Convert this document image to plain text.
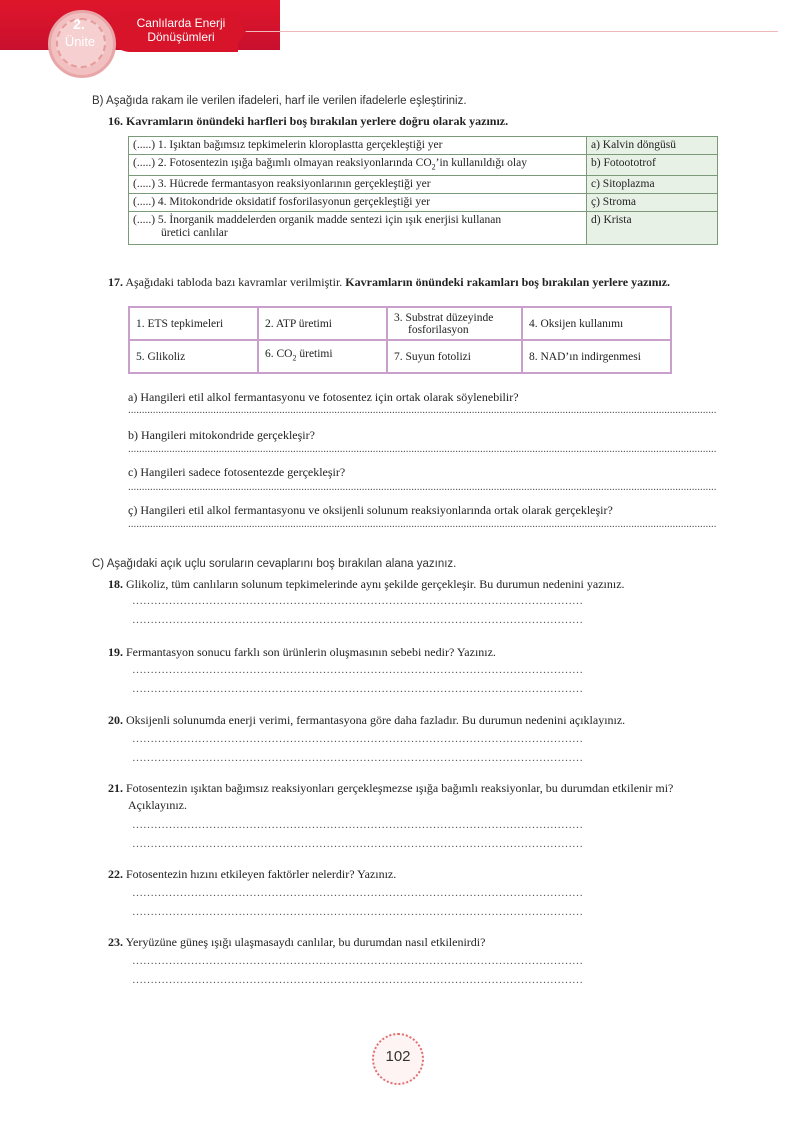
2.
Ünite
Canlılarda Enerji
Dönüşümleri
B) Aşağıda rakam ile verilen ifadeleri, harf ile verilen ifadelerle eşleştiriniz.
16. Kavramların önündeki harfleri boş bırakılan yerlere doğru olarak yazınız.
(.....) 1. Işıktan bağımsız tepkimelerin kloroplastta gerçekleştiği yer	a) Kalvin döngüsü
(.....) 2. Fotosentezin ışığa bağımlı olmayan reaksiyonlarında $CO_2’in$ kullanıldığı olay	b) Fotoototrof
(.....) 3. Hücrede fermantasyon reaksiyonlarının gerçekleştiği yer	c) Sitoplazma
(.....) 4. Mitokondride oksidatif fosforilasyonun gerçekleştiği yer	ç) Stroma
(.....) 5. İnorganik maddelerden organik madde sentezi için ışık enerjisi kullanan
üretici canlılar	d) Krista
17. Aşağıdaki tabloda bazı kavramlar verilmiştir. Kavramların önündeki rakamları boş bırakılan yerlere yazınız.
1. ETS tepkimeleri	2. ATP üretimi	3. Substrat düzeyinde
fosforilasyon	4. Oksijen kullanımı
5. Glikoliz	6. $CO_2$ üretimi	7. Suyun fotolizi	8. NAD’ın indirgenmesi
a) Hangileri etil alkol fermantasyonu ve fotosentez için ortak olarak söylenebilir?
......................................................................................................................................................................................................................
b) Hangileri mitokondride gerçekleşir?
......................................................................................................................................................................................................................
c) Hangileri sadece fotosentezde gerçekleşir?
......................................................................................................................................................................................................................
ç) Hangileri etil alkol fermantasyonu ve oksijenli solunum reaksiyonlarında ortak olarak gerçekleşir?
......................................................................................................................................................................................................................
C) Aşağıdaki açık uçlu soruların cevaplarını boş bırakılan alana yazınız.
18. Glikoliz, tüm canlıların solunum tepkimelerinde aynı şekilde gerçekleşir. Bu durumun nedenini yazınız.
……………………………………………………………………………………………………………
……………………………………………………………………………………………………………
19. Fermantasyon sonucu farklı son ürünlerin oluşmasının sebebi nedir? Yazınız.
……………………………………………………………………………………………………………
……………………………………………………………………………………………………………
20. Oksijenli solunumda enerji verimi, fermantasyona göre daha fazladır. Bu durumun nedenini açıklayınız.
……………………………………………………………………………………………………………
……………………………………………………………………………………………………………
21. Fotosentezin ışıktan bağımsız reaksiyonları gerçekleşmezse ışığa bağımlı reaksiyonlar, bu durumdan etkilenir mi?
Açıklayınız.
……………………………………………………………………………………………………………
……………………………………………………………………………………………………………
22. Fotosentezin hızını etkileyen faktörler nelerdir? Yazınız.
……………………………………………………………………………………………………………
……………………………………………………………………………………………………………
23. Yeryüzüne güneş ışığı ulaşmasaydı canlılar, bu durumdan nasıl etkilenirdi?
……………………………………………………………………………………………………………
……………………………………………………………………………………………………………
102
